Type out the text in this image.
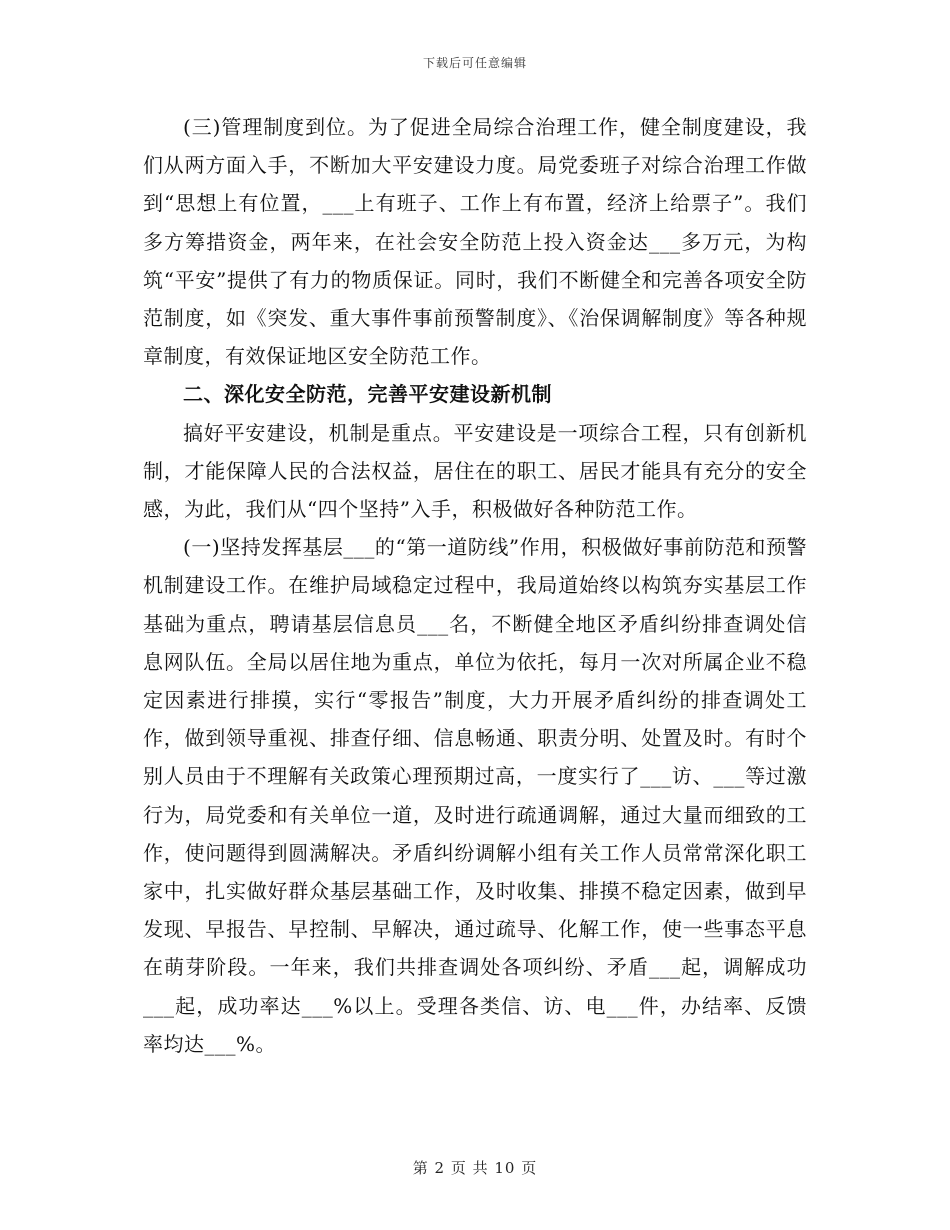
下载后可任意编辑

(三)管理制度到位。为了促进全局综合治理工作，健全制度建设，我们从两方面入手，不断加大平安建设力度。局党委班子对综合治理工作做到“思想上有位置，___上有班子、工作上有布置，经济上给票子”。我们多方筹措资金，两年来，在社会安全防范上投入资金达___多万元，为构筑“平安”提供了有力的物质保证。同时，我们不断健全和完善各项安全防范制度，如《突发、重大事件事前预警制度》、《治保调解制度》等各种规章制度，有效保证地区安全防范工作。

二、深化安全防范，完善平安建设新机制

搞好平安建设，机制是重点。平安建设是一项综合工程，只有创新机制，才能保障人民的合法权益，居住在的职工、居民才能具有充分的安全感，为此，我们从“四个坚持”入手，积极做好各种防范工作。

(一)坚持发挥基层___的“第一道防线”作用，积极做好事前防范和预警机制建设工作。在维护局域稳定过程中，我局道始终以构筑夯实基层工作基础为重点，聘请基层信息员___名，不断健全地区矛盾纠纷排查调处信息网队伍。全局以居住地为重点，单位为依托，每月一次对所属企业不稳定因素进行排摸，实行“零报告”制度，大力开展矛盾纠纷的排查调处工作，做到领导重视、排查仔细、信息畅通、职责分明、处置及时。有时个别人员由于不理解有关政策心理预期过高，一度实行了___访、___等过激行为，局党委和有关单位一道，及时进行疏通调解，通过大量而细致的工作，使问题得到圆满解决。矛盾纠纷调解小组有关工作人员常常深化职工家中，扎实做好群众基层基础工作，及时收集、排摸不稳定因素，做到早发现、早报告、早控制、早解决，通过疏导、化解工作，使一些事态平息在萌芽阶段。一年来，我们共排查调处各项纠纷、矛盾___起，调解成功___起，成功率达___%以上。受理各类信、访、电___件，办结率、反馈率均达___%。

第 2 页 共 10 页
